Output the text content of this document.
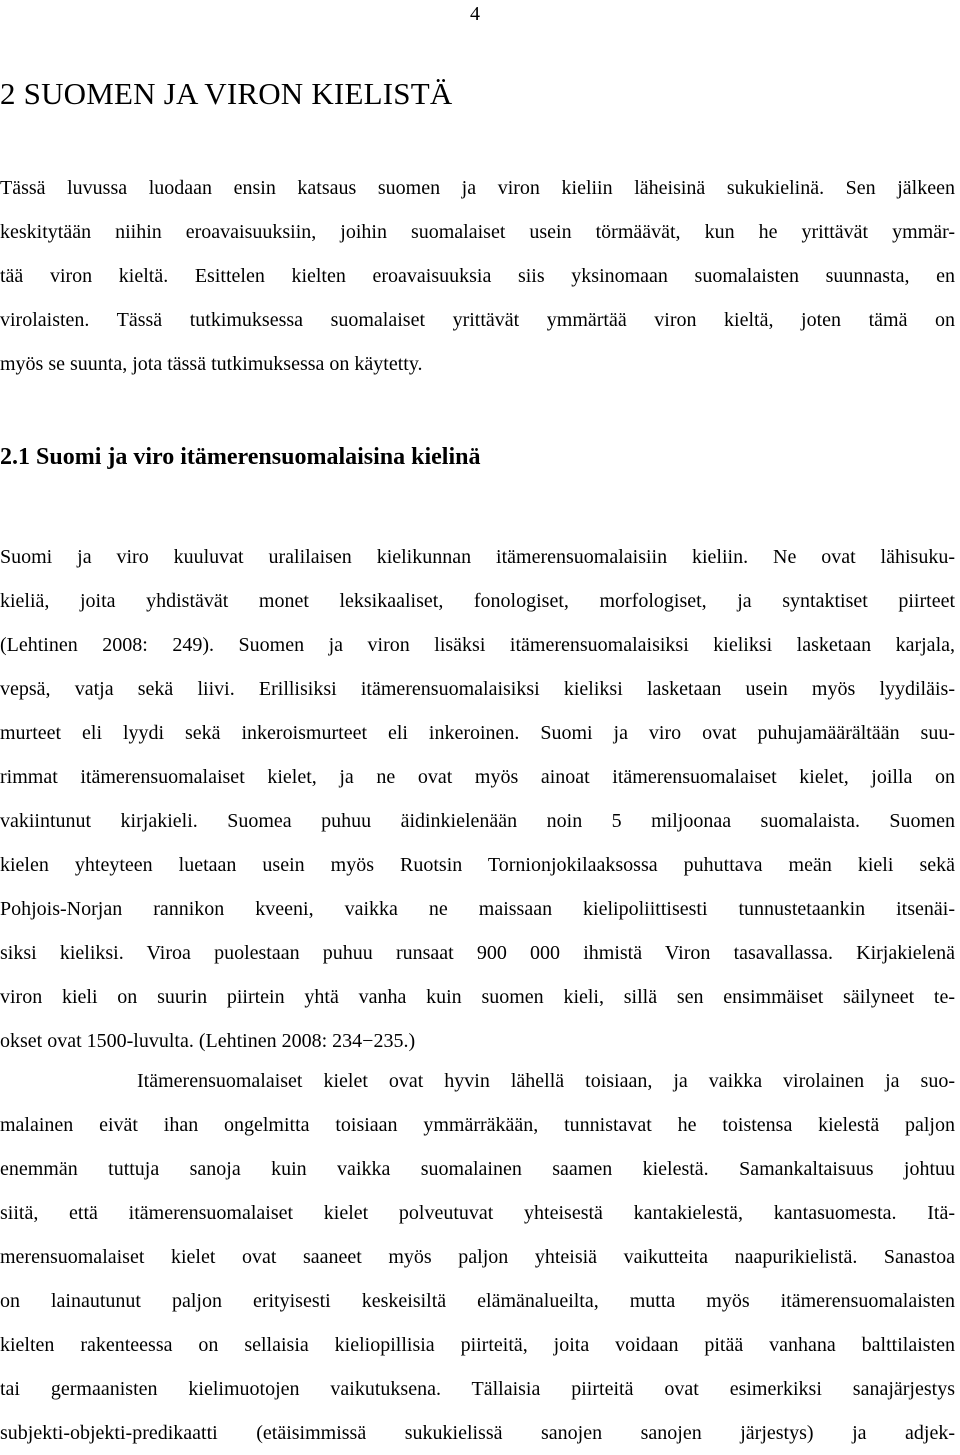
4
2 SUOMEN JA VIRON KIELISTÄ

Tässä luvussa luodaan ensin katsaus suomen ja viron kieliin läheisinä sukukielinä. Sen jälkeen
keskitytään niihin eroavaisuuksiin, joihin suomalaiset usein törmäävät, kun he yrittävät ymmär-
tää viron kieltä. Esittelen kielten eroavaisuuksia siis yksinomaan suomalaisten suunnasta, en
virolaisten. Tässä tutkimuksessa suomalaiset yrittävät ymmärtää viron kieltä, joten tämä on
myös se suunta, jota tässä tutkimuksessa on käytetty.

2.1 Suomi ja viro itämerensuomalaisina kielinä

Suomi ja viro kuuluvat uralilaisen kielikunnan itämerensuomalaisiin kieliin. Ne ovat lähisuku-
kieliä, joita yhdistävät monet leksikaaliset, fonologiset, morfologiset, ja syntaktiset piirteet
(Lehtinen 2008: 249). Suomen ja viron lisäksi itämerensuomalaisiksi kieliksi lasketaan karjala,
vepsä, vatja sekä liivi. Erillisiksi itämerensuomalaisiksi kieliksi lasketaan usein myös lyydiläis-
murteet eli lyydi sekä inkeroismurteet eli inkeroinen. Suomi ja viro ovat puhujamäärältään suu-
rimmat itämerensuomalaiset kielet, ja ne ovat myös ainoat itämerensuomalaiset kielet, joilla on
vakiintunut kirjakieli. Suomea puhuu äidinkielenään noin 5 miljoonaa suomalaista. Suomen
kielen yhteyteen luetaan usein myös Ruotsin Tornionjokilaaksossa puhuttava meän kieli sekä
Pohjois-Norjan rannikon kveeni, vaikka ne maissaan kielipoliittisesti tunnustetaankin itsenäi-
siksi kieliksi. Viroa puolestaan puhuu runsaat 900 000 ihmistä Viron tasavallassa. Kirjakielenä
viron kieli on suurin piirtein yhtä vanha kuin suomen kieli, sillä sen ensimmäiset säilyneet te-
okset ovat 1500-luvulta. (Lehtinen 2008: 234−235.)

Itämerensuomalaiset kielet ovat hyvin lähellä toisiaan, ja vaikka virolainen ja suo-
malainen eivät ihan ongelmitta toisiaan ymmärräkään, tunnistavat he toistensa kielestä paljon
enemmän tuttuja sanoja kuin vaikka suomalainen saamen kielestä. Samankaltaisuus johtuu
siitä, että itämerensuomalaiset kielet polveutuvat yhteisestä kantakielestä, kantasuomesta. Itä-
merensuomalaiset kielet ovat saaneet myös paljon yhteisiä vaikutteita naapurikielistä. Sanastoa
on lainautunut paljon erityisesti keskeisiltä elämänalueilta, mutta myös itämerensuomalaisten
kielten rakenteessa on sellaisia kieliopillisia piirteitä, joita voidaan pitää vanhana balttilaisten
tai germaanisten kielimuotojen vaikutuksena. Tällaisia piirteitä ovat esimerkiksi sanajärjestys
subjekti-objekti-predikaatti (etäisimmissä sukukielissä sanojen sanojen järjestys) ja adjek-
